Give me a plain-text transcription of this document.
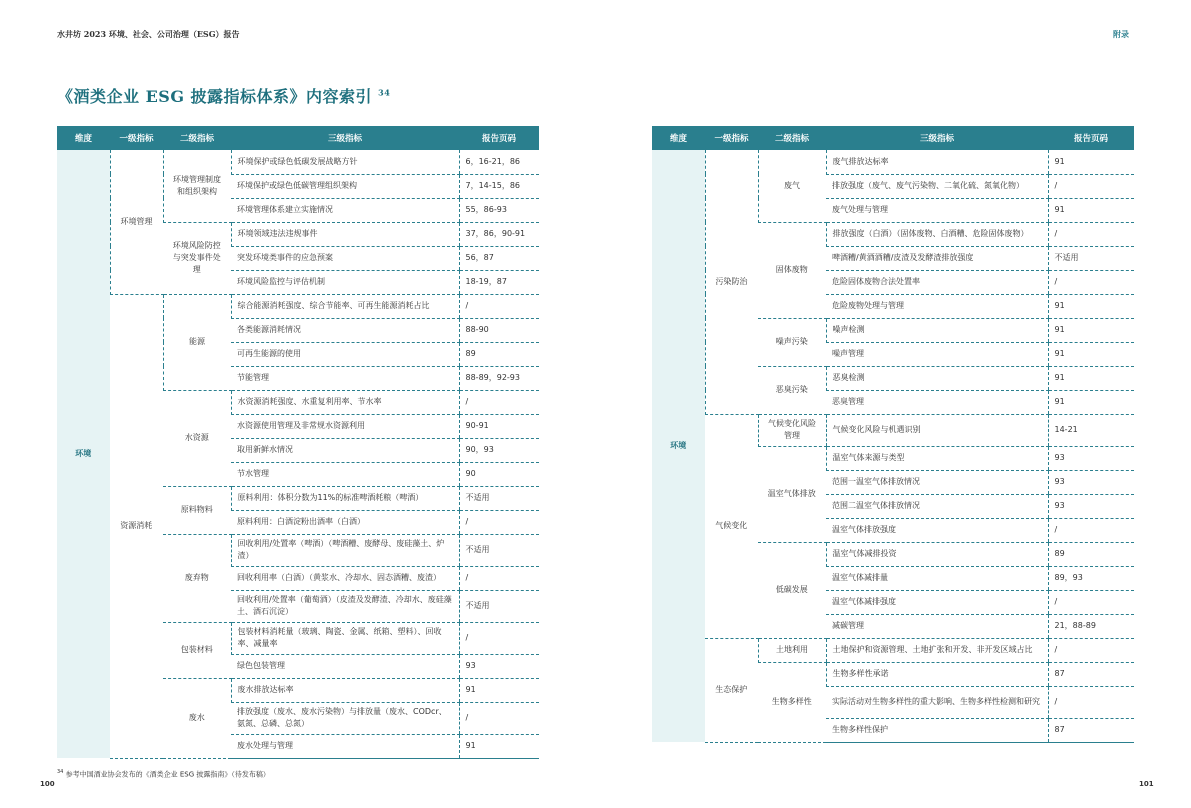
水井坊 2023 环境、社会、公司治理（ESG）报告	附录
《酒类企业 ESG 披露指标体系》内容索引 $^{34}$
维度	一级指标	二级指标	三级指标	报告页码
环境	环境管理	环境管理制度和组织架构	环境保护或绿色低碳发展战略方针	6，16-21，86
			环境保护或绿色低碳管理组织架构	7，14-15，86
			环境管理体系建立实施情况	55，86-93
		环境风险防控与突发事件处理	环境领域违法违规事件	37，86，90-91
			突发环境类事件的应急预案	56，87
			环境风险监控与评估机制	18-19，87
	资源消耗	能源	综合能源消耗强度、综合节能率、可再生能源消耗占比	/
			各类能源消耗情况	88-90
			可再生能源的使用	89
			节能管理	88-89，92-93
		水资源	水资源消耗强度、水重复利用率、节水率	/
			水资源使用管理及非常规水资源利用	90-91
			取用新鲜水情况	90，93
			节水管理	90
		原料物料	原料利用：体积分数为11%的标准啤酒耗粮（啤酒）	不适用
			原料利用：白酒淀粉出酒率（白酒）	/
		废弃物	回收利用/处置率（啤酒）（啤酒糟、废酵母、废硅藻土、炉渣）	不适用
			回收利用率（白酒）（黄浆水、冷却水、固态酒糟、废渣）	/
			回收利用/处置率（葡萄酒）（皮渣及发酵渣、冷却水、废硅藻土、酒石沉淀）	不适用
		包装材料	包装材料消耗量（玻璃、陶瓷、金属、纸箱、塑料）、回收率、减量率	/
			绿色包装管理	93
		废水	废水排放达标率	91
			排放强度（废水、废水污染物）与排放量（废水、CODcr、氨氮、总磷、总氮）	/
			废水处理与管理	91
维度	一级指标	二级指标	三级指标	报告页码
环境	污染防治	废气	废气排放达标率	91
			排放强度（废气、废气污染物、二氧化硫、氮氧化物）	/
			废气处理与管理	91
		固体废物	排放强度（白酒）（固体废物、白酒糟、危险固体废物）	/
			啤酒糟/黄酒酒糟/皮渣及发酵渣排放强度	不适用
			危险固体废物合法处置率	/
			危险废物处理与管理	91
		噪声污染	噪声检测	91
			噪声管理	91
		恶臭污染	恶臭检测	91
			恶臭管理	91
	气候变化	气候变化风险管理	气候变化风险与机遇识别	14-21
		温室气体排放	温室气体来源与类型	93
			范围一温室气体排放情况	93
			范围二温室气体排放情况	93
			温室气体排放强度	/
		低碳发展	温室气体减排投资	89
			温室气体减排量	89，93
			温室气体减排强度	/
			减碳管理	21，88-89
	生态保护	土地利用	土地保护和资源管理、土地扩张和开发、非开发区域占比	/
		生物多样性	生物多样性承诺	87
			实际活动对生物多样性的重大影响、生物多样性检测和研究	/
			生物多样性保护	87
$^{34}$ 参考中国酒业协会发布的《酒类企业 ESG 披露指南》（待发布稿）
100	101
